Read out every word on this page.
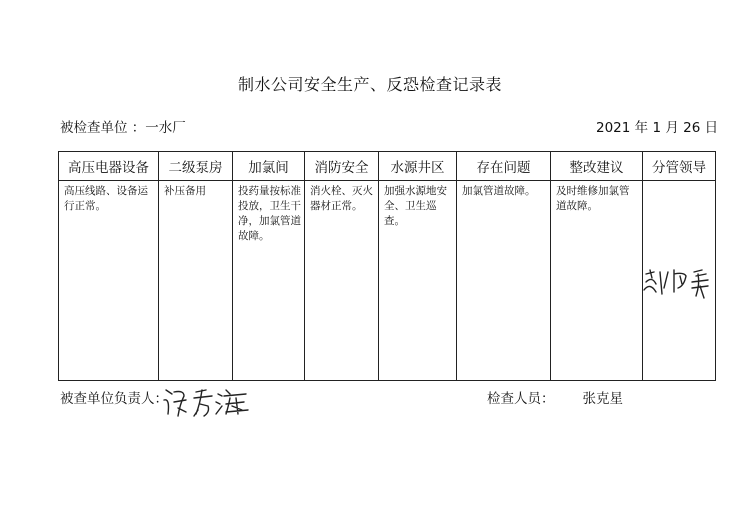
制水公司安全生产、反恐检查记录表
被检查单位 ：一水厂	2021 年 1 月 26 日
高压电器设备	二级泵房	加氯间	消防安全	水源井区	存在问题	整改建议	分管领导
高压线路、设备运行正常。	补压备用	投药量按标准投放，卫生干净，加氯管道故障。	消火栓、灭火器材正常。	加强水源地安全、卫生巡查。	加氯管道故障。	及时维修加氯管道故障。	
被查单位负责人：	检查人员： 张克星
